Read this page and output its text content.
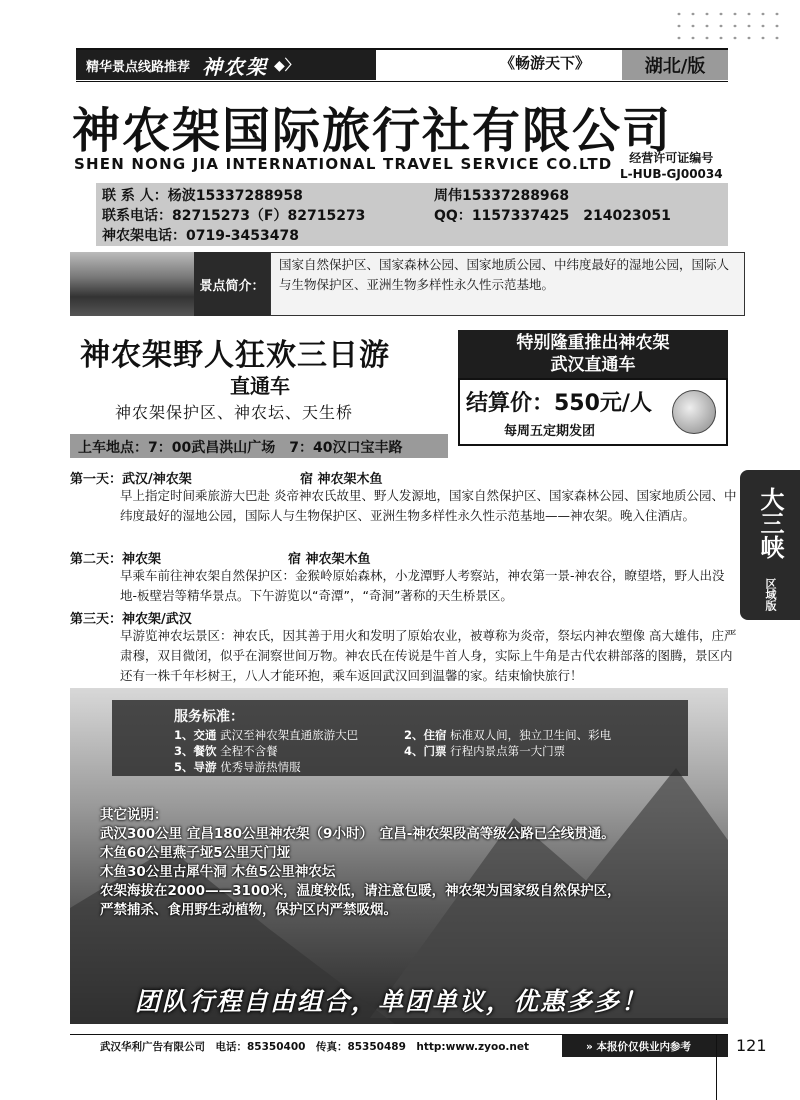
精华景点线路推荐 神农架 ◆〉	《畅游天下》	湖北/版
神农架国际旅行社有限公司
SHEN NONG JIA INTERNATIONAL TRAVEL SERVICE CO.LTD	经营许可证编号
L-HUB-GJ00034
联 系 人：杨波15337288958	周伟15337288968
联系电话：82715273（F）82715273	QQ：1157337425　214023051
神农架电话：0719-3453478
景点简介：
国家自然保护区、国家森林公园、国家地质公园、中纬度最好的湿地公园，国际人与生物保护区、亚洲生物多样性永久性示范基地。
神农架野人狂欢三日游
直通车
神农架保护区、神农坛、天生桥
特别隆重推出神农架
武汉直通车
结算价：550元/人
每周五定期发团
上车地点：7：00武昌洪山广场　7：40汉口宝丰路
第一天：武汉/神农架	宿 神农架木鱼
早上指定时间乘旅游大巴赴 炎帝神农氏故里、野人发源地，国家自然保护区、国家森林公园、国家地质公园、中纬度最好的湿地公园，国际人与生物保护区、亚洲生物多样性永久性示范基地——神农架。晚入住酒店。
第二天：神农架	宿 神农架木鱼
早乘车前往神农架自然保护区：金猴岭原始森林，小龙潭野人考察站，神农第一景-神农谷，瞭望塔，野人出没地-板壁岩等精华景点。下午游览以“奇潭”，“奇洞”著称的天生桥景区。
第三天：神农架/武汉
早游览神农坛景区：神农氏，因其善于用火和发明了原始农业，被尊称为炎帝，祭坛内神农塑像 高大雄伟，庄严肃穆，双目微闭，似乎在洞察世间万物。神农氏在传说是牛首人身，实际上牛角是古代农耕部落的图腾，景区内还有一株千年杉树王，八人才能环抱，乘车返回武汉回到温馨的家。结束愉快旅行！
服务标准：
1、交通 武汉至神农架直通旅游大巴	2、住宿 标准双人间，独立卫生间、彩电
3、餐饮 全程不含餐	4、门票 行程内景点第一大门票
5、导游 优秀导游热情服
其它说明：
武汉300公里 宜昌180公里神农架（9小时）　宜昌-神农架段高等级公路已全线贯通。
木鱼60公里燕子垭5公里天门垭
木鱼30公里古犀牛洞 木鱼5公里神农坛
农架海拔在2000——3100米，温度较低，请注意包暖，神农架为国家级自然保护区，
严禁捕杀、食用野生动植物，保护区内严禁吸烟。
团队行程自由组合，单团单议，优惠多多！
大三峡
区域版
武汉华利广告有限公司　电话：85350400　传真：85350489　http:www.zyoo.net	» 本报价仅供业内参考	121
